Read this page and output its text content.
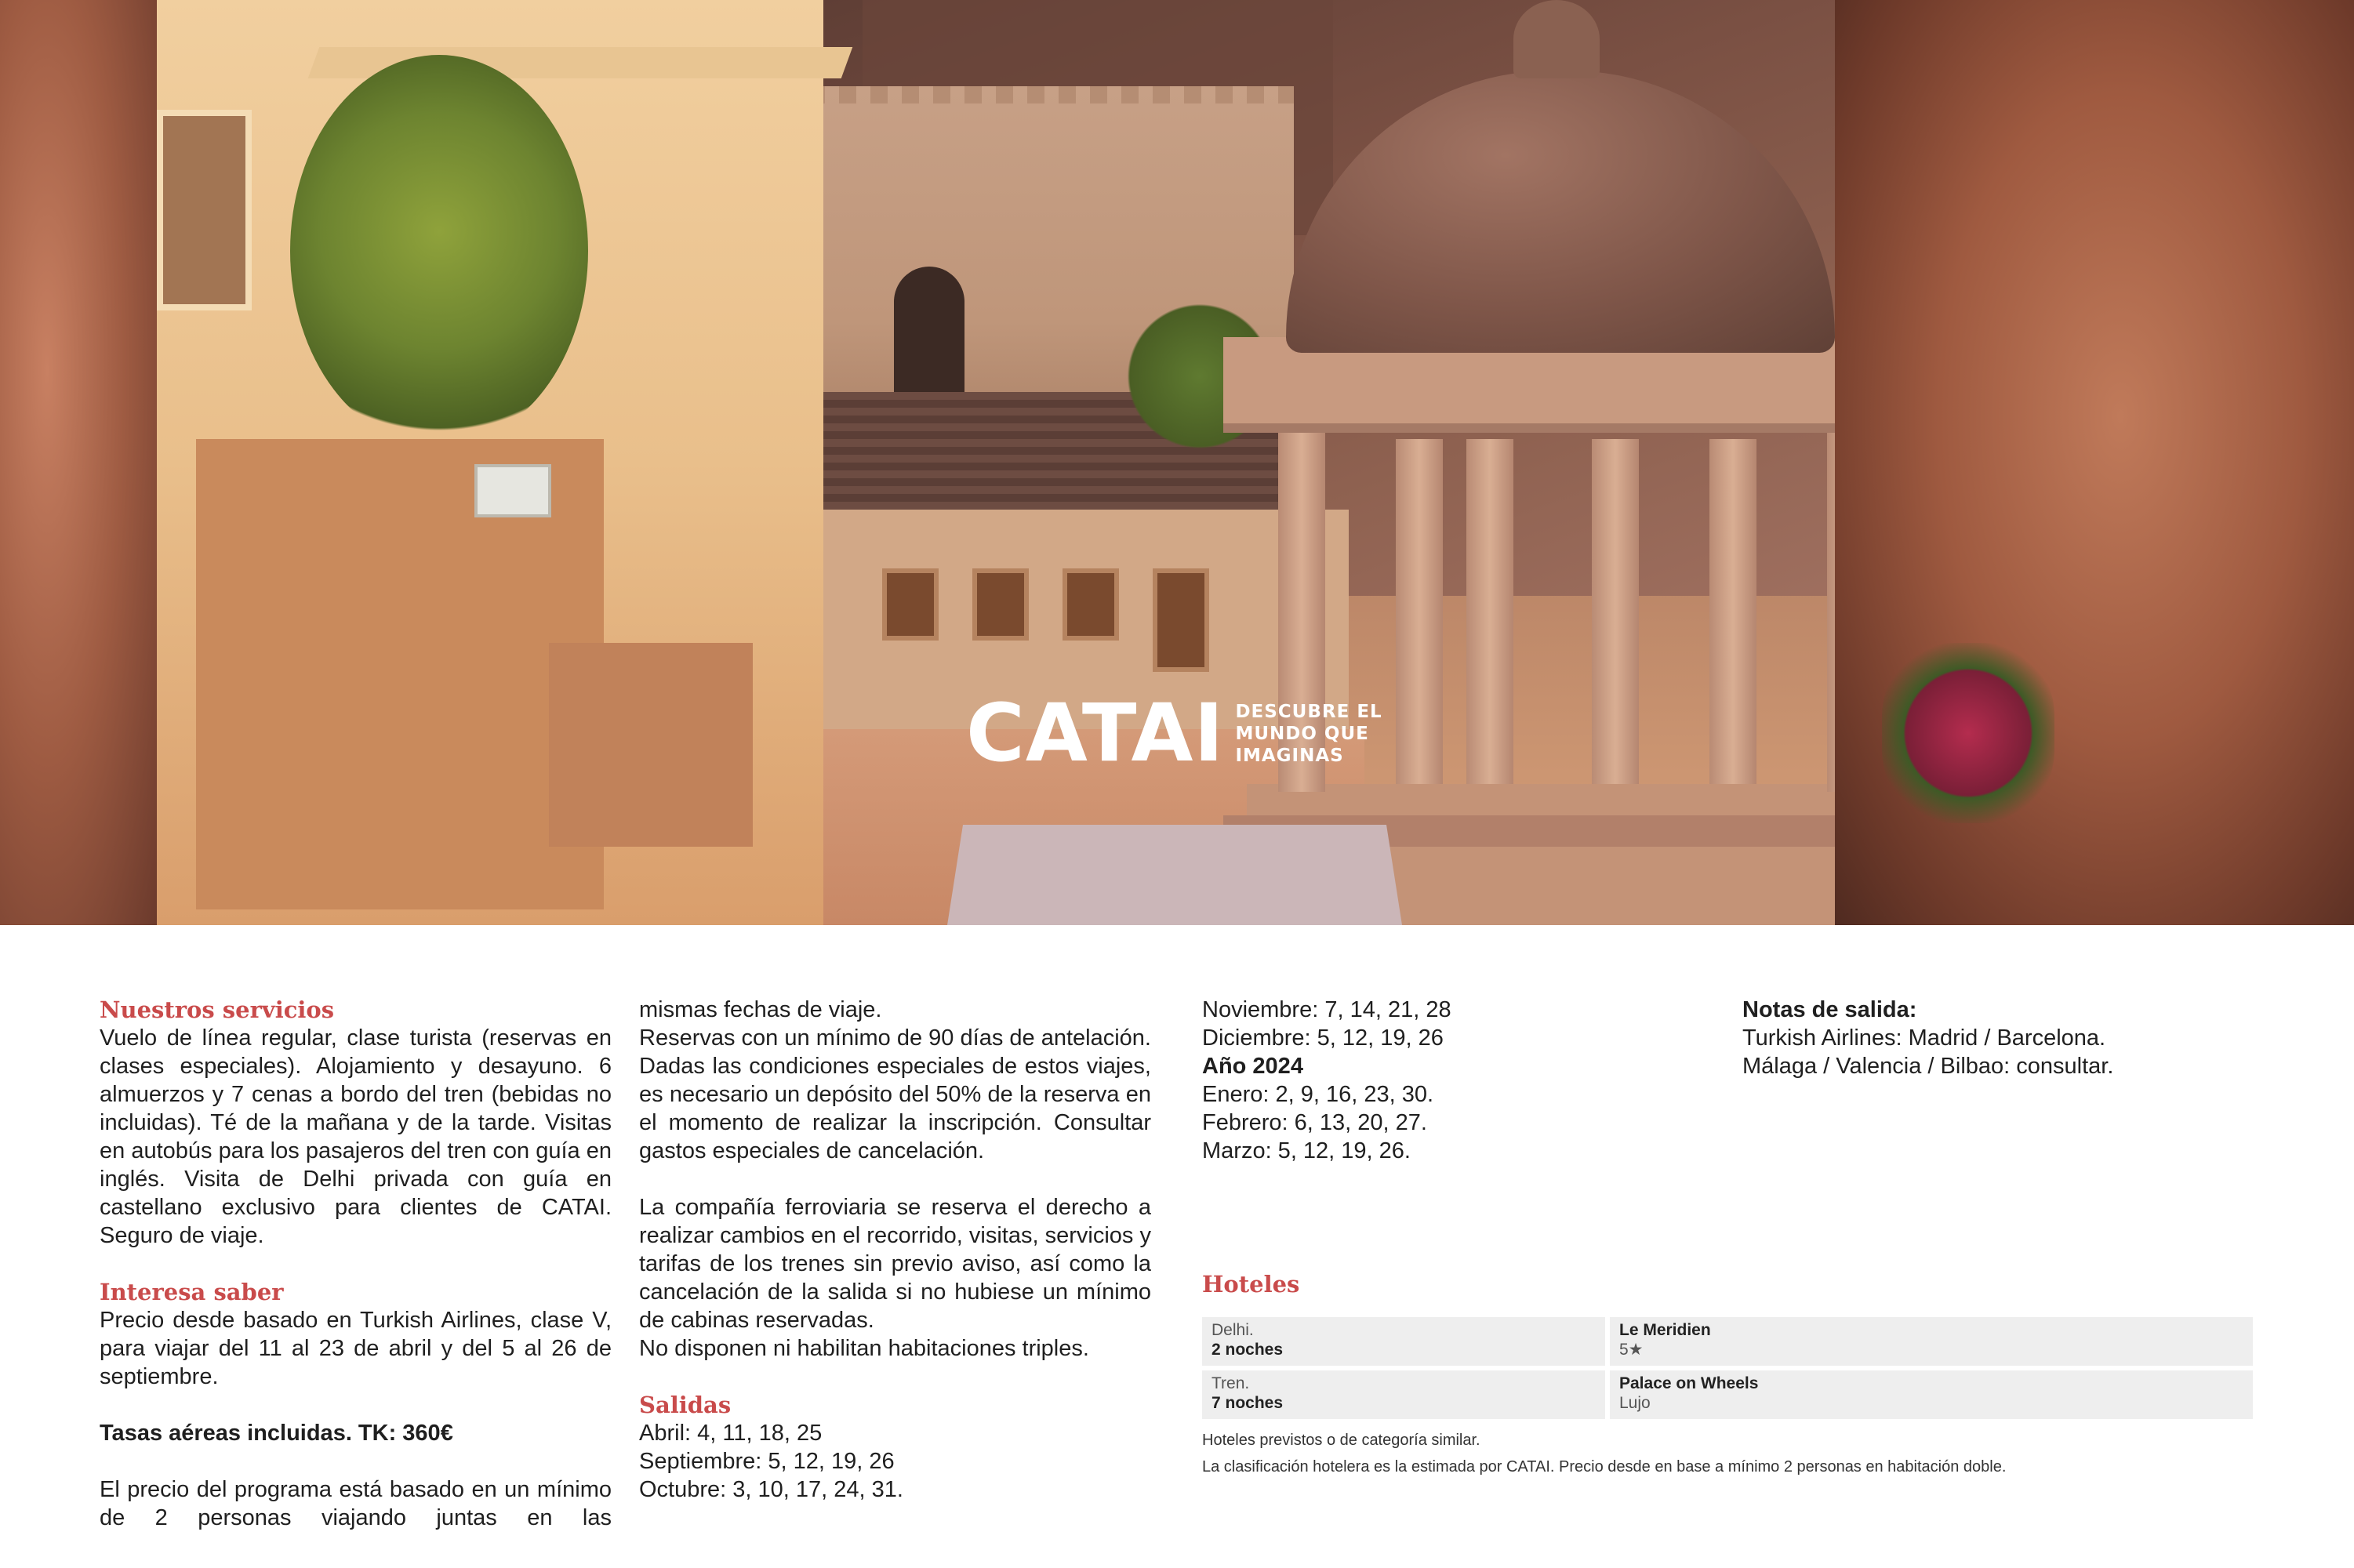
CATAI DESCUBRE EL
MUNDO QUE
IMAGINAS
Nuestros servicios
Vuelo de línea regular, clase turista (reservas en clases especiales). Alojamiento y desayuno. 6 almuerzos y 7 cenas a bordo del tren (bebidas no incluidas). Té de la mañana y de la tarde. Visitas en autobús para los pasajeros del tren con guía en inglés. Visita de Delhi privada con guía en castellano exclusivo para clientes de CATAI. Seguro de viaje.
Interesa saber
Precio desde basado en Turkish Airlines, clase V, para viajar del 11 al 23 de abril y del 5 al 26 de septiembre.
Tasas aéreas incluidas. TK: 360€
El precio del programa está basado en un mínimo de 2 personas viajando juntas en las
mismas fechas de viaje.
Reservas con un mínimo de 90 días de antelación. Dadas las condiciones especiales de estos viajes, es necesario un depósito del 50% de la reserva en el momento de realizar la inscripción. Consultar gastos especiales de cancelación.
La compañía ferroviaria se reserva el derecho a realizar cambios en el recorrido, visitas, servicios y tarifas de los trenes sin previo aviso, así como la cancelación de la salida si no hubiese un mínimo de cabinas reservadas.
No disponen ni habilitan habitaciones triples.
Salidas
Abril: 4, 11, 18, 25
Septiembre: 5, 12, 19, 26
Octubre: 3, 10, 17, 24, 31.
Noviembre: 7, 14, 21, 28
Diciembre: 5, 12, 19, 26
Año 2024
Enero: 2, 9, 16, 23, 30.
Febrero: 6, 13, 20, 27.
Marzo: 5, 12, 19, 26.
Notas de salida:
Turkish Airlines: Madrid / Barcelona.
Málaga / Valencia / Bilbao: consultar.
Hoteles
Delhi.
2 noches
Le Meridien
5★
Tren.
7 noches
Palace on Wheels
Lujo
Hoteles previstos o de categoría similar.
La clasificación hotelera es la estimada por CATAI. Precio desde en base a mínimo 2 personas en habitación doble.
